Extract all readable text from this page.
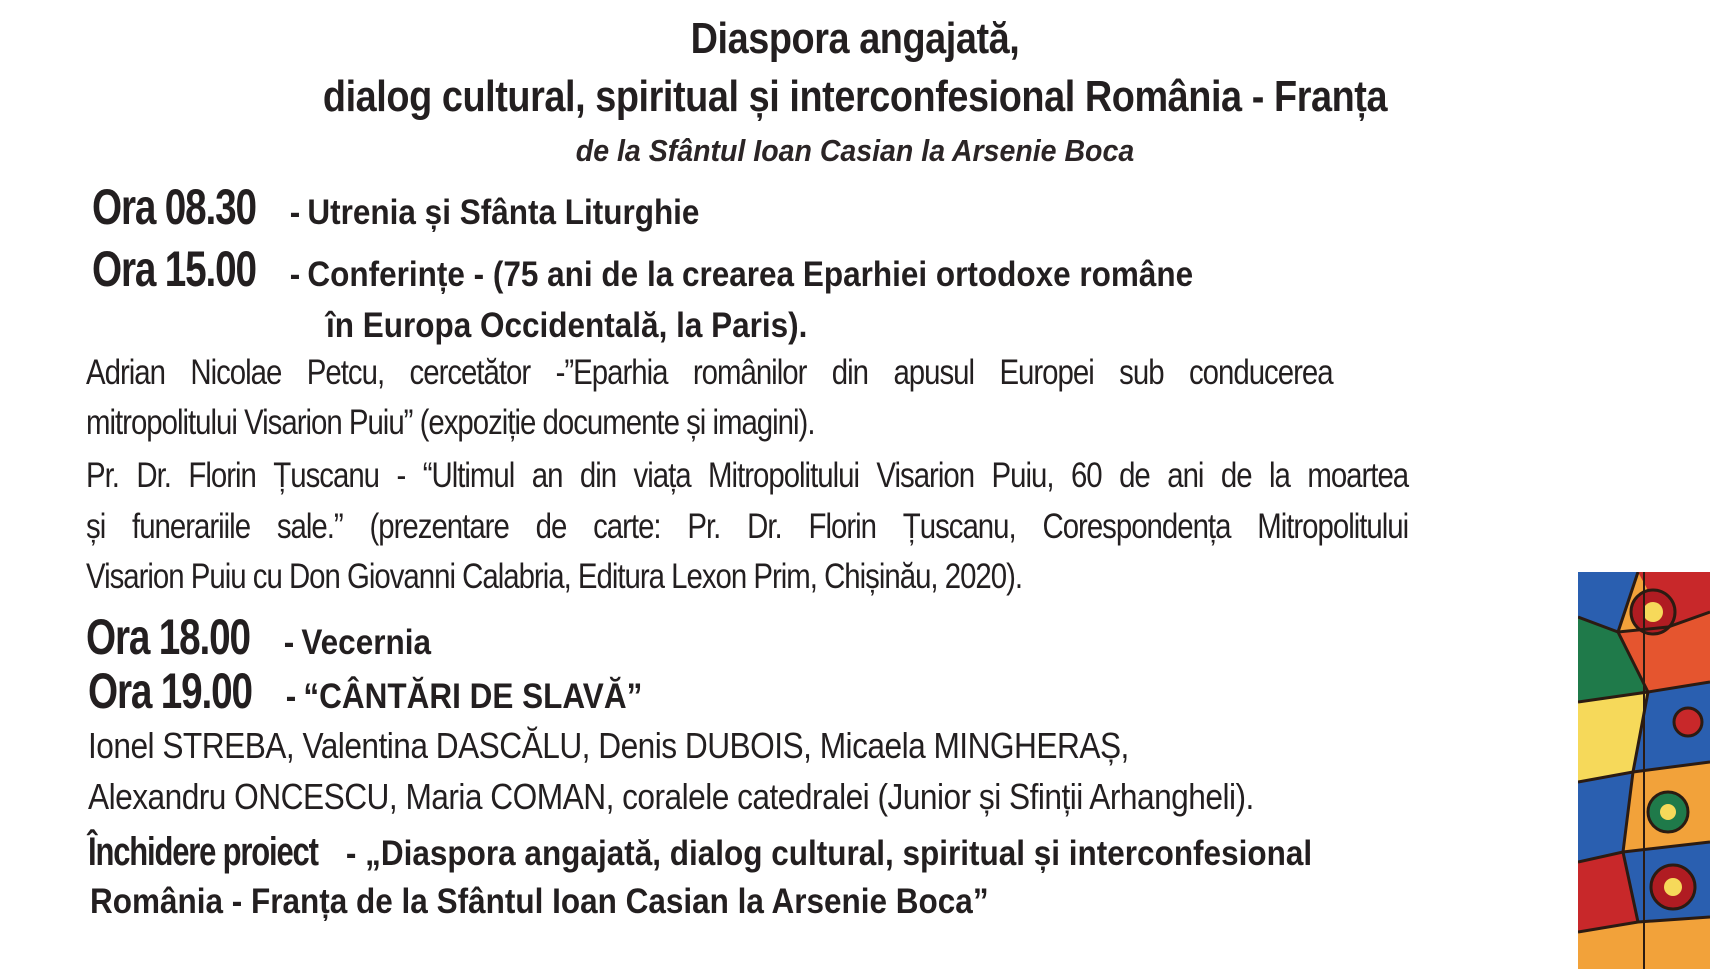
Diaspora angajată,
dialog cultural, spiritual și interconfesional România - Franța
de la Sfântul Ioan Casian la Arsenie Boca
Ora 08.30 - Utrenia și Sfânta Liturghie
Ora 15.00 - Conferințe - (75 ani de la crearea Eparhiei ortodoxe române
în Europa Occidentală, la Paris).
Adrian Nicolae Petcu, cercetător -”Eparhia românilor din apusul Europei sub conducerea
mitropolitului Visarion Puiu” (expoziție documente și imagini).
Pr. Dr. Florin Țuscanu - “Ultimul an din viața Mitropolitului Visarion Puiu, 60 de ani de la moartea
și funerariile sale.” (prezentare de carte: Pr. Dr. Florin Țuscanu, Corespondența Mitropolitului
Visarion Puiu cu Don Giovanni Calabria, Editura Lexon Prim, Chișinău, 2020).
Ora 18.00 - Vecernia
Ora 19.00 - “CÂNTĂRI DE SLAVĂ”
Ionel STREBA, Valentina DASCĂLU, Denis DUBOIS, Micaela MINGHERAȘ,
Alexandru ONCESCU, Maria COMAN, coralele catedralei (Junior și Sfinții Arhangheli).
Închidere proiect - „Diaspora angajată, dialog cultural, spiritual și interconfesional
România - Franța de la Sfântul Ioan Casian la Arsenie Boca”
